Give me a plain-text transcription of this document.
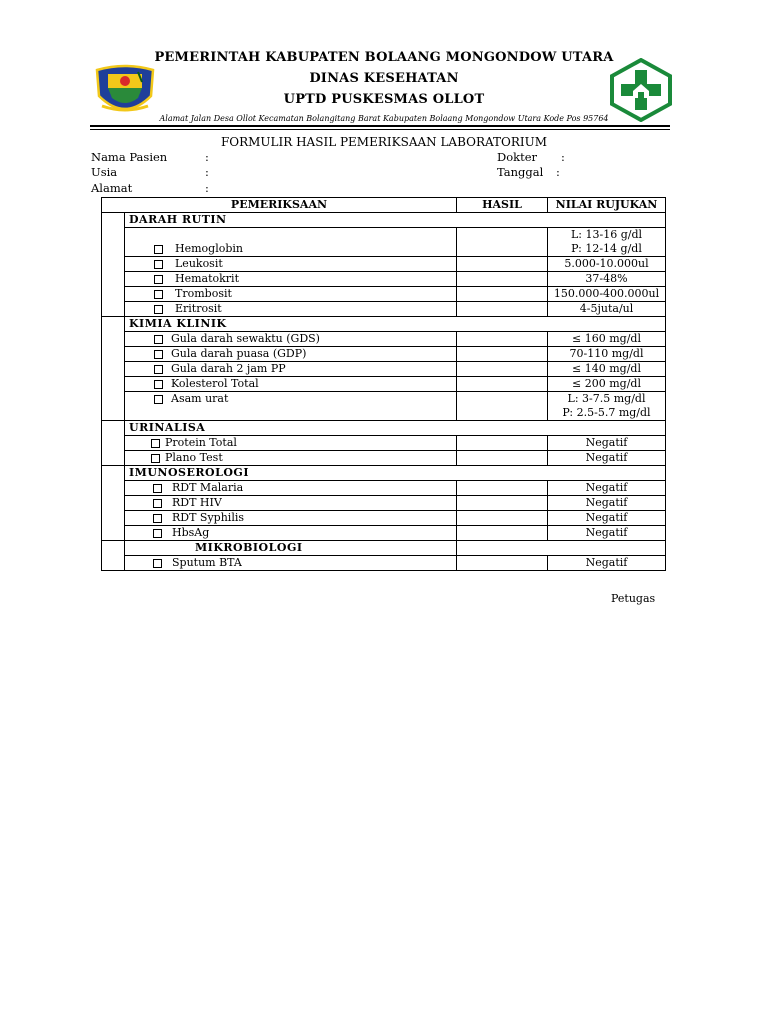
PEMERINTAH KABUPATEN BOLAANG MONGONDOW UTARA
DINAS KESEHATAN
UPTD PUSKESMAS OLLOT
Alamat Jalan Desa Ollot Kecamatan Bolangitang Barat Kabupaten Bolaang Mongondow Utara Kode Pos 95764
FORMULIR HASIL PEMERIKSAAN LABORATORIUM
Nama Pasien	:
Usia	:
Alamat	:
Dokter :
Tanggal :
PEMERIKSAAN		HASIL	NILAI RUJUKAN
	DARAH RUTIN		
	Hemoglobin		L: 13-16 g/dl
P: 12-14 g/dl

	Leukosit		5.000-10.000ul
	Hematokrit		37-48%
	Trombosit		150.000-400.000ul
	Eritrosit		4-5juta/ul
	KIMIA KLINIK		
	Gula darah sewaktu (GDS)		≤ 160 mg/dl
	Gula darah puasa (GDP)		70-110 mg/dl
	Gula darah 2 jam PP		≤ 140 mg/dl
	Kolesterol Total		≤ 200 mg/dl
	Asam urat		L: 3-7.5 mg/dl
P: 2.5-5.7 mg/dl

	URINALISA		
	Protein Total		Negatif
	Plano Test		Negatif
	IMUNOSEROLOGI		
	RDT Malaria		Negatif
	RDT HIV		Negatif
	RDT Syphilis		Negatif
	HbsAg		Negatif
	MIKROBIOLOGI		
	Sputum BTA		Negatif
Petugas
